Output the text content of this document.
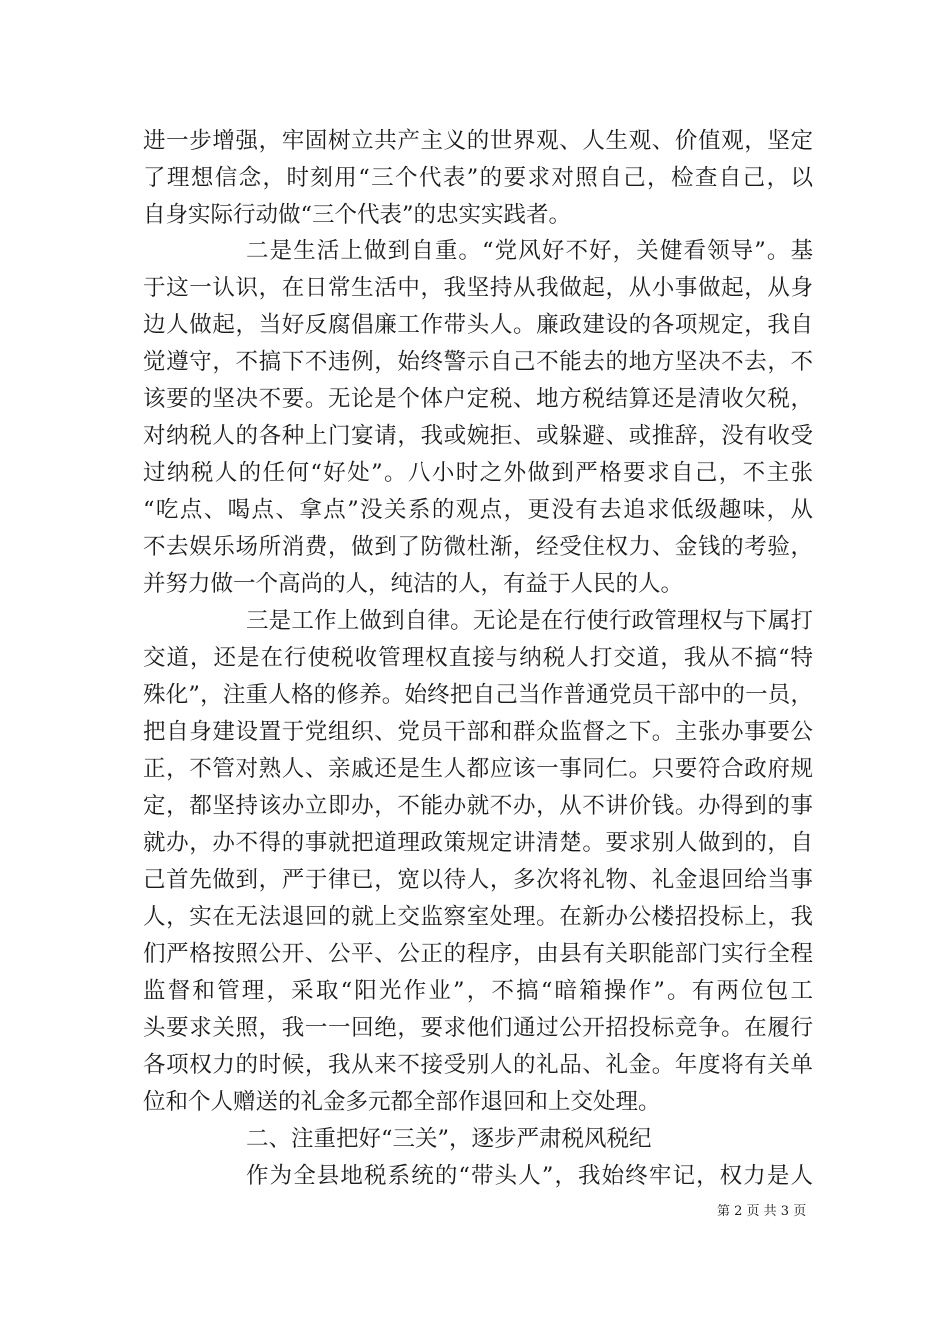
进一步增强，牢固树立共产主义的世界观、人生观、价值观，坚定
了理想信念，时刻用“三个代表”的要求对照自己，检查自己，以
自身实际行动做“三个代表”的忠实实践者。
二是生活上做到自重。“党风好不好，关健看领导”。基
于这一认识，在日常生活中，我坚持从我做起，从小事做起，从身
边人做起，当好反腐倡廉工作带头人。廉政建设的各项规定，我自
觉遵守，不搞下不违例，始终警示自己不能去的地方坚决不去，不
该要的坚决不要。无论是个体户定税、地方税结算还是清收欠税，
对纳税人的各种上门宴请，我或婉拒、或躲避、或推辞，没有收受
过纳税人的任何“好处”。八小时之外做到严格要求自己，不主张
“吃点、喝点、拿点”没关系的观点，更没有去追求低级趣味，从
不去娱乐场所消费，做到了防微杜渐，经受住权力、金钱的考验，
并努力做一个高尚的人，纯洁的人，有益于人民的人。
三是工作上做到自律。无论是在行使行政管理权与下属打
交道，还是在行使税收管理权直接与纳税人打交道，我从不搞“特
殊化”，注重人格的修养。始终把自己当作普通党员干部中的一员，
把自身建设置于党组织、党员干部和群众监督之下。主张办事要公
正，不管对熟人、亲戚还是生人都应该一事同仁。只要符合政府规
定，都坚持该办立即办，不能办就不办，从不讲价钱。办得到的事
就办，办不得的事就把道理政策规定讲清楚。要求别人做到的，自
己首先做到，严于律已，宽以待人，多次将礼物、礼金退回给当事
人，实在无法退回的就上交监察室处理。在新办公楼招投标上，我
们严格按照公开、公平、公正的程序，由县有关职能部门实行全程
监督和管理，采取“阳光作业”，不搞“暗箱操作”。有两位包工
头要求关照，我一一回绝，要求他们通过公开招投标竞争。在履行
各项权力的时候，我从来不接受别人的礼品、礼金。年度将有关单
位和个人赠送的礼金多元都全部作退回和上交处理。
二、注重把好“三关”，逐步严肃税风税纪
作为全县地税系统的“带头人”，我始终牢记，权力是人
第 2 页 共 3 页
